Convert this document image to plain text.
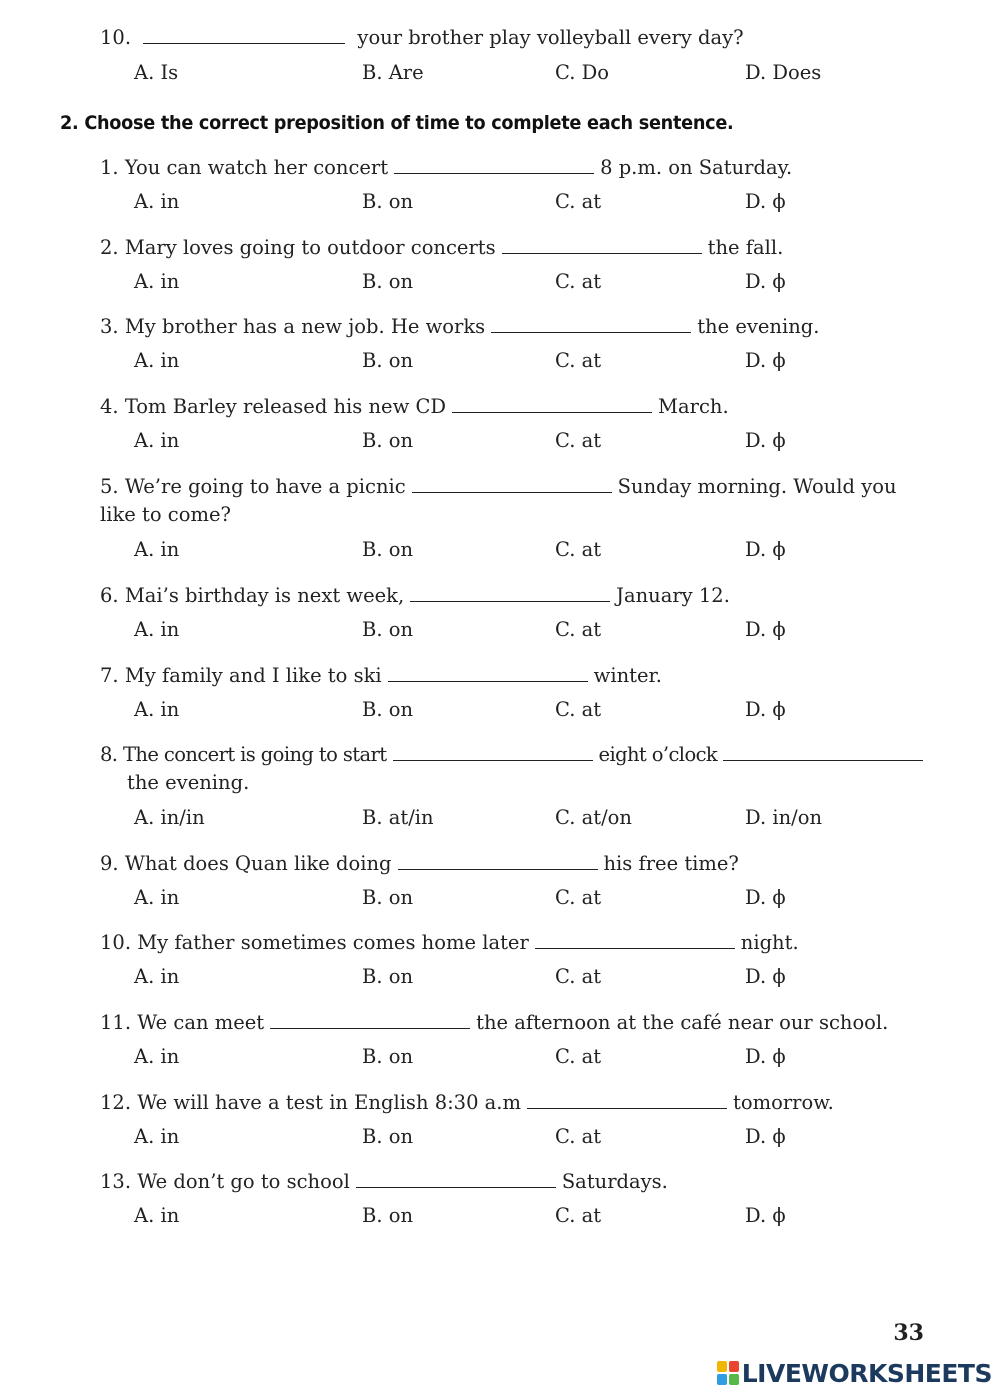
10.	your brother play volleyball every day?
A. Is	B. Are	C. Do	D. Does
2. Choose the correct preposition of time to complete each sentence.
1. You can watch her concert	8 p.m. on Saturday.
A. in	B. on	C. at	D. ϕ
2. Mary loves going to outdoor concerts	the fall.
A. in	B. on	C. at	D. ϕ
3. My brother has a new job. He works	the evening.
A. in	B. on	C. at	D. ϕ
4. Tom Barley released his new CD	March.
A. in	B. on	C. at	D. ϕ
5. We’re going to have a picnic	Sunday morning. Would you like to come?
A. in	B. on	C. at	D. ϕ
6. Mai’s birthday is next week,	January 12.
A. in	B. on	C. at	D. ϕ
7. My family and I like to ski	winter.
A. in	B. on	C. at	D. ϕ
8. The concert is going to start	eight o’clock
the evening.
A. in/in	B. at/in	C. at/on	D. in/on
9. What does Quan like doing	his free time?
A. in	B. on	C. at	D. ϕ
10. My father sometimes comes home later	night.
A. in	B. on	C. at	D. ϕ
11. We can meet	the afternoon at the café near our school.
A. in	B. on	C. at	D. ϕ
12. We will have a test in English 8:30 a.m	tomorrow.
A. in	B. on	C. at	D. ϕ
13. We don’t go to school	Saturdays.
A. in	B. on	C. at	D. ϕ
33
LIVEWORKSHEETS
